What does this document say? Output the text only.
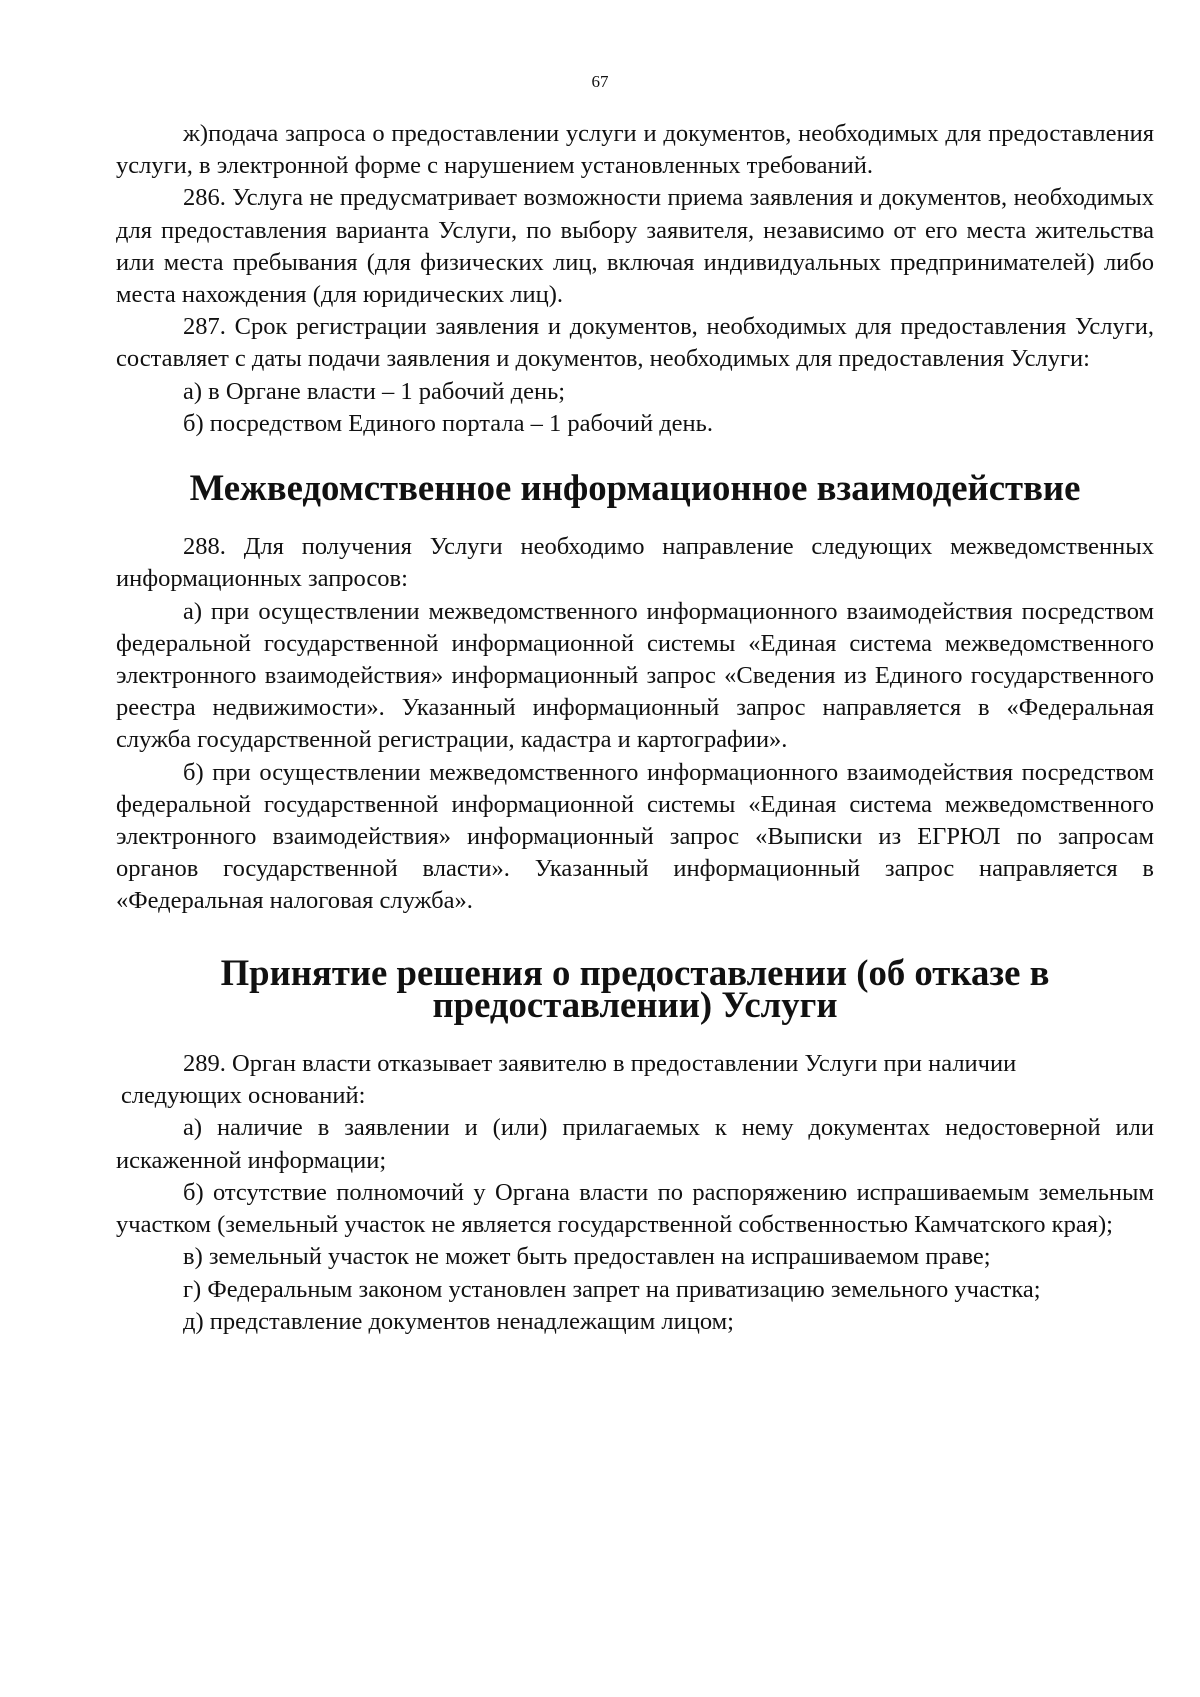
67

ж)подача запроса о предоставлении услуги и документов, необходимых для предоставления услуги, в электронной форме с нарушением установленных требований.

286. Услуга не предусматривает возможности приема заявления и документов, необходимых для предоставления варианта Услуги, по выбору заявителя, независимо от его места жительства или места пребывания (для физических лиц, включая индивидуальных предпринимателей) либо места нахождения (для юридических лиц).

287. Срок регистрации заявления и документов, необходимых для предоставления Услуги, составляет с даты подачи заявления и документов, необходимых для предоставления Услуги:

а) в Органе власти – 1 рабочий день;

б) посредством Единого портала – 1 рабочий день.

Межведомственное информационное взаимодействие

288. Для получения Услуги необходимо направление следующих межведомственных информационных запросов:

а) при осуществлении межведомственного информационного взаимодействия посредством федеральной государственной информационной системы «Единая система межведомственного электронного взаимодействия» информационный запрос «Сведения из Единого государственного реестра недвижимости». Указанный информационный запрос направляется в «Федеральная служба государственной регистрации, кадастра и картографии».

б) при осуществлении межведомственного информационного взаимодействия посредством федеральной государственной информационной системы «Единая система межведомственного электронного взаимодействия» информационный запрос «Выписки из ЕГРЮЛ по запросам органов государственной власти». Указанный информационный запрос направляется в «Федеральная налоговая служба».

Принятие решения о предоставлении (об отказе в предоставлении) Услуги

289. Орган власти отказывает заявителю в предоставлении Услуги при наличии
следующих оснований:

а) наличие в заявлении и (или) прилагаемых к нему документах недостоверной или искаженной информации;

б) отсутствие полномочий у Органа власти по распоряжению испрашиваемым земельным участком (земельный участок не является государственной собственностью Камчатского края);

в) земельный участок не может быть предоставлен на испрашиваемом праве;

г) Федеральным законом установлен запрет на приватизацию земельного участка;

д) представление документов ненадлежащим лицом;
